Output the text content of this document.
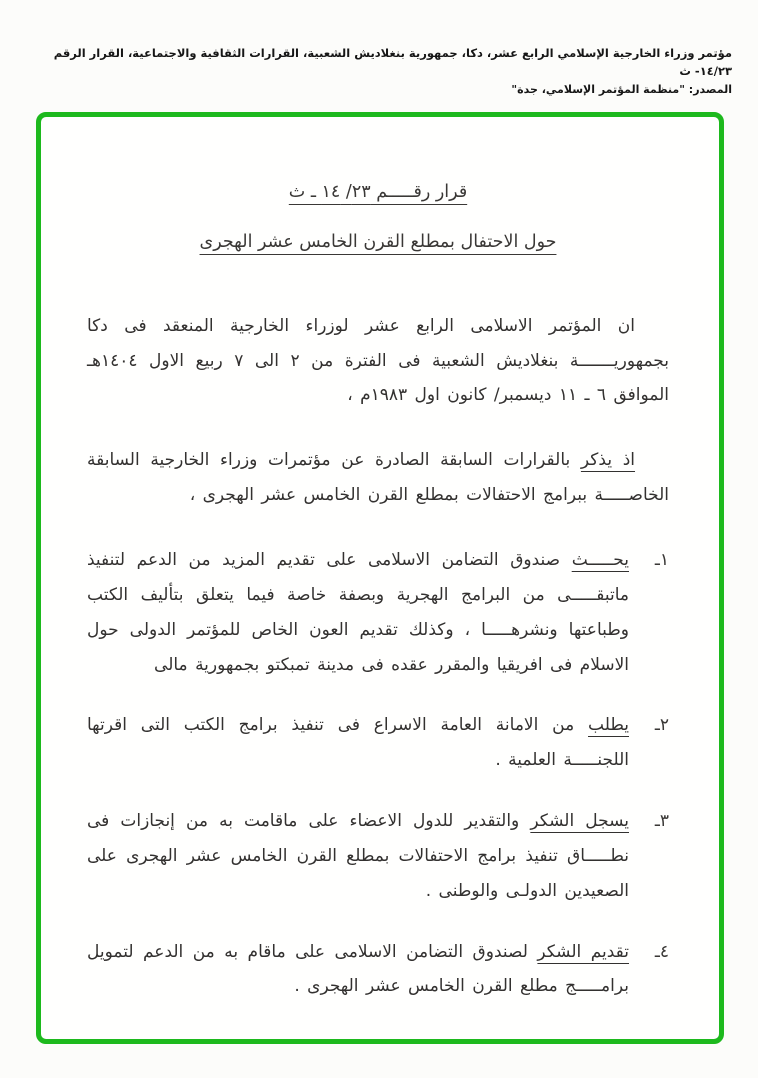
مؤتمر وزراء الخارجية الإسلامي الرابع عشر، دكا، جمهورية بنغلاديش الشعبية، القرارات الثقافية والاجتماعية، القرار الرقم ١٤/٢٣- ث
المصدر: "منظمة المؤتمر الإسلامي، جدة"
قرار رقـــــم ٢٣/ ١٤ ـ ث
حول الاحتفال بمطلع القرن الخامس عشر الهجرى

ان المؤتمر الاسلامى الرابع عشر لوزراء الخارجية المنعقد فى دكا بجمهوريـــــــة بنغلاديش الشعبية فى الفترة من ٢ الى ٧ ربيع الاول ١٤٠٤هـ الموافق ٦ ـ ١١ ديسمبر/ كانون اول ١٩٨٣م ،

اذ يذكر بالقرارات السابقة الصادرة عن مؤتمرات وزراء الخارجية السابقة الخاصـــــة ببرامج الاحتفالات بمطلع القرن الخامس عشر الهجرى ،

١ـ
يحـــــث صندوق التضامن الاسلامى على تقديم المزيد من الدعم لتنفيذ ماتبقـــــى من البرامج الهجرية وبصفة خاصة فيما يتعلق بتأليف الكتب وطباعتها ونشرهـــــا ، وكذلك تقديم العون الخاص للمؤتمر الدولى حول الاسلام فى افريقيا والمقرر عقده فى مدينة تمبكتو بجمهورية مالى
٢ـ
يطلب من الامانة العامة الاسراع فى تنفيذ برامج الكتب التى اقرتها اللجنـــــة العلمية .
٣ـ
يسجل الشكر والتقدير للدول الاعضاء على ماقامت به من إنجازات فى نطـــــاق تنفيذ برامج الاحتفالات بمطلع القرن الخامس عشر الهجرى على الصعيدين الدولـى والوطنى .
٤ـ
تقديم الشكر لصندوق التضامن الاسلامى على ماقام به من الدعم لتمويل برامـــــج مطلع القرن الخامس عشر الهجرى .
